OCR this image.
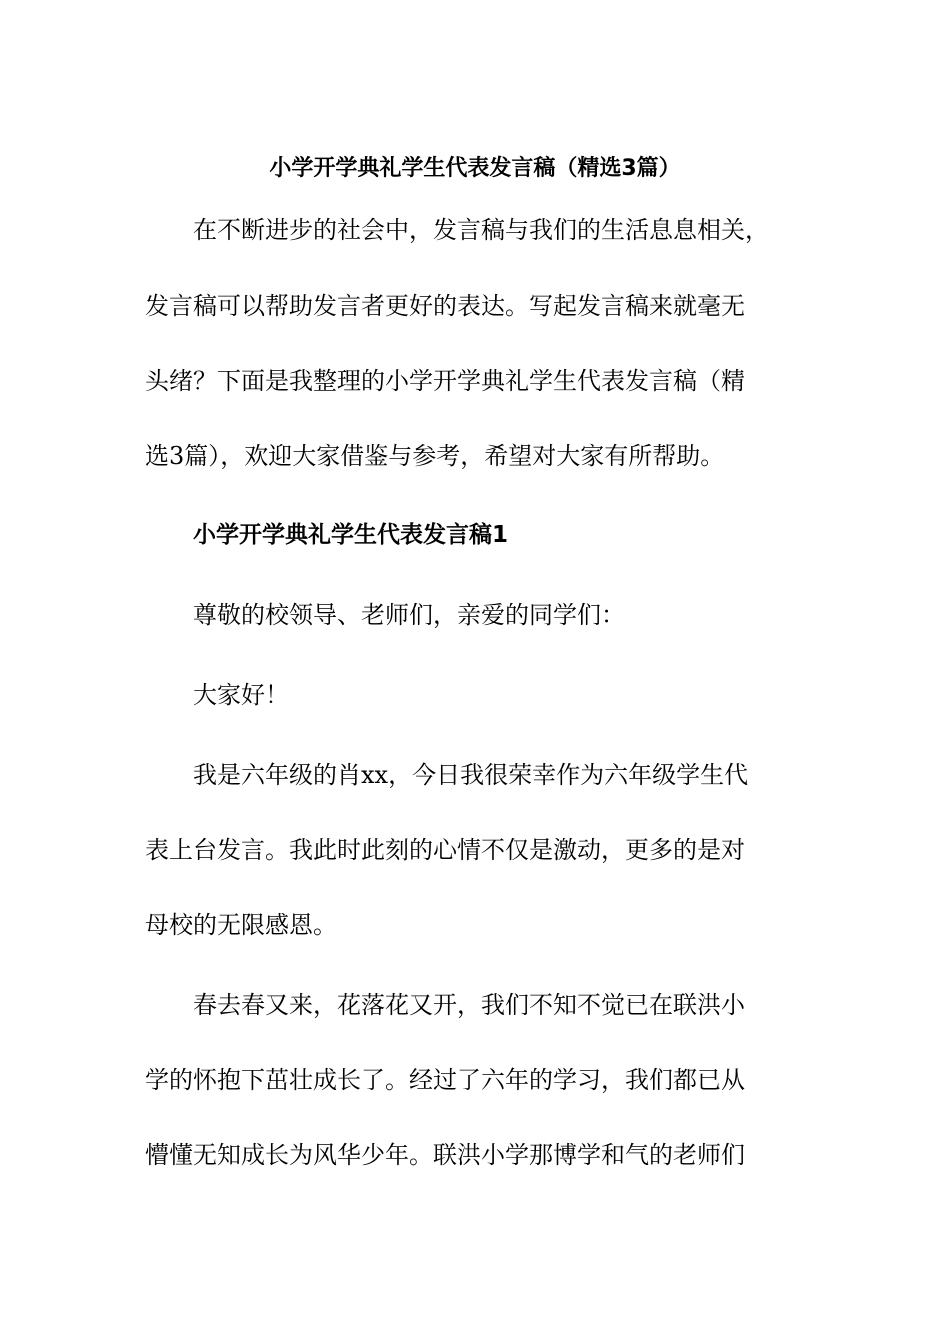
小学开学典礼学生代表发言稿（精选3篇）
在不断进步的社会中，发言稿与我们的生活息息相关，
发言稿可以帮助发言者更好的表达。写起发言稿来就毫无
头绪？下面是我整理的小学开学典礼学生代表发言稿（精
选3篇），欢迎大家借鉴与参考，希望对大家有所帮助。
小学开学典礼学生代表发言稿1
尊敬的校领导、老师们，亲爱的同学们：
大家好！
我是六年级的肖xx，今日我很荣幸作为六年级学生代
表上台发言。我此时此刻的心情不仅是激动，更多的是对
母校的无限感恩。
春去春又来，花落花又开，我们不知不觉已在联洪小
学的怀抱下茁壮成长了。经过了六年的学习，我们都已从
懵懂无知成长为风华少年。联洪小学那博学和气的老师们
